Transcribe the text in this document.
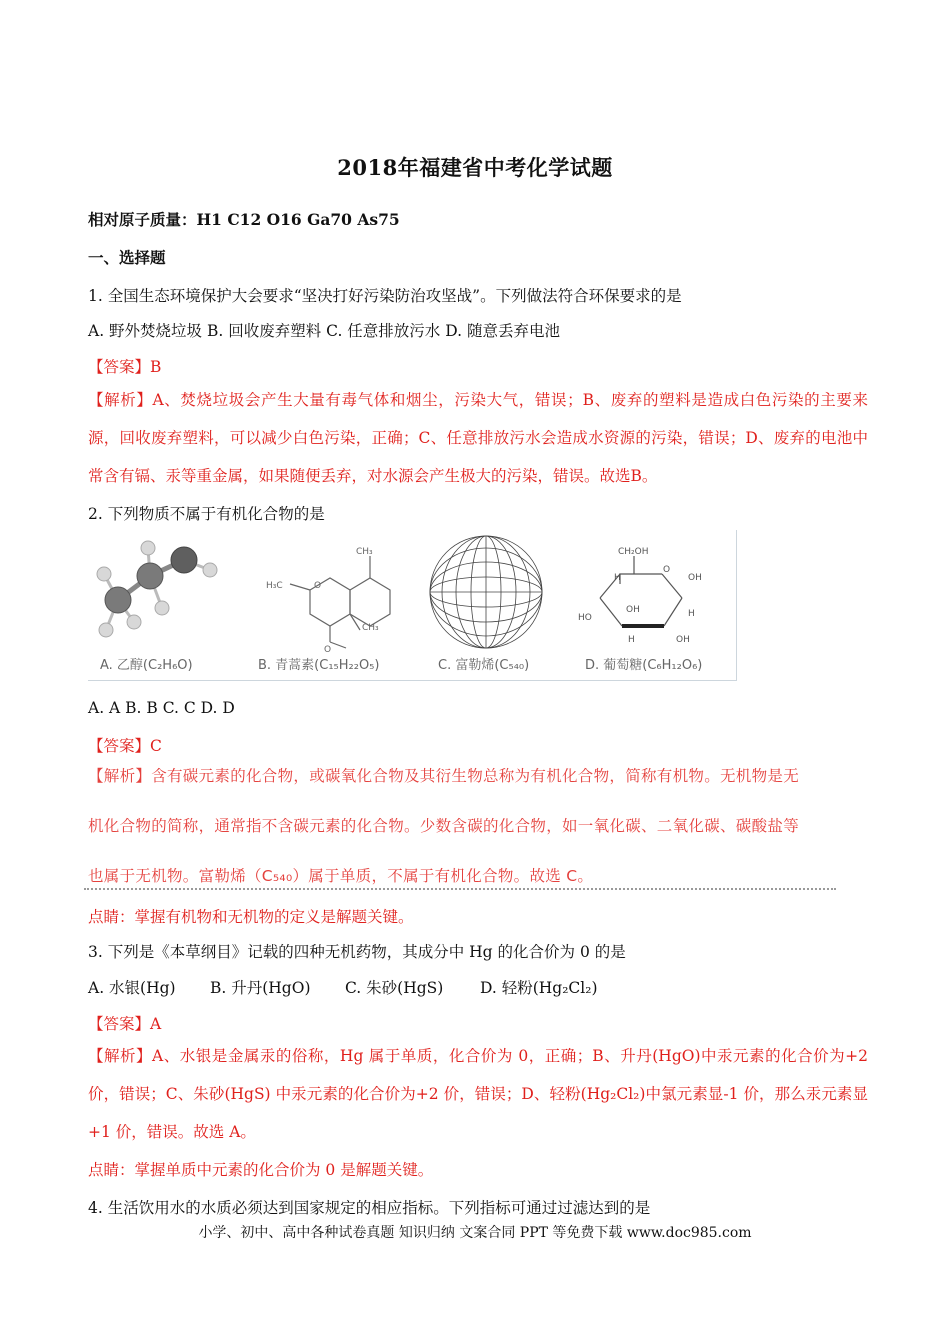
2018年福建省中考化学试题
相对原子质量：H1 C12 O16 Ga70 As75
一、选择题
1. 全国生态环境保护大会要求“坚决打好污染防治攻坚战”。下列做法符合环保要求的是
A. 野外焚烧垃圾 B. 回收废弃塑料 C. 任意排放污水 D. 随意丢弃电池
【答案】B
【解析】A、焚烧垃圾会产生大量有毒气体和烟尘，污染大气，错误；B、废弃的塑料是造成白色污染的主要来源，回收废弃塑料，可以减少白色污染，正确；C、任意排放污水会造成水资源的污染，错误；D、废弃的电池中常含有镉、汞等重金属，如果随便丢弃，对水源会产生极大的污染，错误。故选B。
2. 下列物质不属于有机化合物的是
CH₃
H₃C
CH₃
O
O
CH₂OH
O
OH
HO
OH	H
H
H	OH
A. 乙醇(C₂H₆O)	B. 青蒿素(C₁₅H₂₂O₅)	C. 富勒烯(C₅₄₀)	D. 葡萄糖(C₆H₁₂O₆)
A. A B. B C. C D. D
【答案】C
【解析】含有碳元素的化合物，或碳氧化合物及其衍生物总称为有机化合物，简称有机物。无机物是无
机化合物的简称，通常指不含碳元素的化合物。少数含碳的化合物，如一氧化碳、二氧化碳、碳酸盐等
也属于无机物。富勒烯（C₅₄₀）属于单质，不属于有机化合物。故选 C。
点睛：掌握有机物和无机物的定义是解题关键。
3. 下列是《本草纲目》记载的四种无机药物，其成分中 Hg 的化合价为 0 的是
A. 水银(Hg) B. 升丹(HgO) C. 朱砂(HgS) D. 轻粉(Hg₂Cl₂)
【答案】A
【解析】A、水银是金属汞的俗称，Hg 属于单质，化合价为 0，正确；B、升丹(HgO)中汞元素的化合价为+2 价，错误；C、朱砂(HgS) 中汞元素的化合价为+2 价，错误；D、轻粉(Hg₂Cl₂)中氯元素显-1 价，那么汞元素显+1 价，错误。故选 A。
点睛：掌握单质中元素的化合价为 0 是解题关键。
4. 生活饮用水的水质必须达到国家规定的相应指标。下列指标可通过过滤达到的是
小学、初中、高中各种试卷真题 知识归纳 文案合同 PPT 等免费下载 www.doc985.com
